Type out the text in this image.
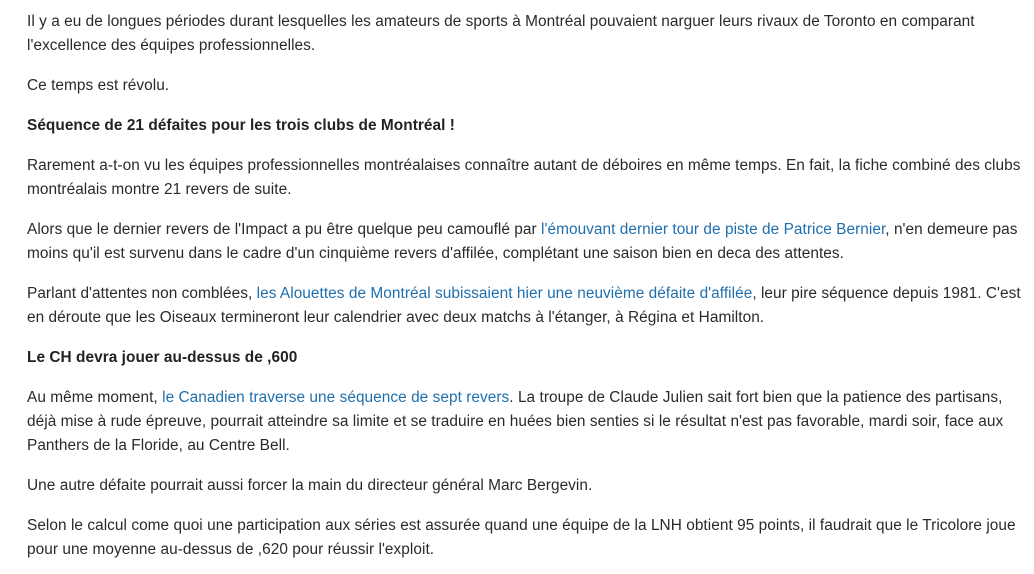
Il y a eu de longues périodes durant lesquelles les amateurs de sports à Montréal pouvaient narguer leurs rivaux de Toronto en comparant l'excellence des équipes professionnelles.

Ce temps est révolu.

Séquence de 21 défaites pour les trois clubs de Montréal !

Rarement a-t-on vu les équipes professionnelles montréalaises connaître autant de déboires en même temps. En fait, la fiche combiné des clubs montréalais montre 21 revers de suite.

Alors que le dernier revers de l'Impact a pu être quelque peu camouflé par l'émouvant dernier tour de piste de Patrice Bernier, n'en demeure pas moins qu'il est survenu dans le cadre d'un cinquième revers d'affilée, complétant une saison bien en deca des attentes.

Parlant d'attentes non comblées, les Alouettes de Montréal subissaient hier une neuvième défaite d'affilée, leur pire séquence depuis 1981. C'est en déroute que les Oiseaux termineront leur calendrier avec deux matchs à l'étanger, à Régina et Hamilton.

Le CH devra jouer au-dessus de ,600

Au même moment, le Canadien traverse une séquence de sept revers. La troupe de Claude Julien sait fort bien que la patience des partisans, déjà mise à rude épreuve, pourrait atteindre sa limite et se traduire en huées bien senties si le résultat n'est pas favorable, mardi soir, face aux Panthers de la Floride, au Centre Bell.

Une autre défaite pourrait aussi forcer la main du directeur général Marc Bergevin.

Selon le calcul come quoi une participation aux séries est assurée quand une équipe de la LNH obtient 95 points, il faudrait que le Tricolore joue pour une moyenne au-dessus de ,620 pour réussir l'exploit.
